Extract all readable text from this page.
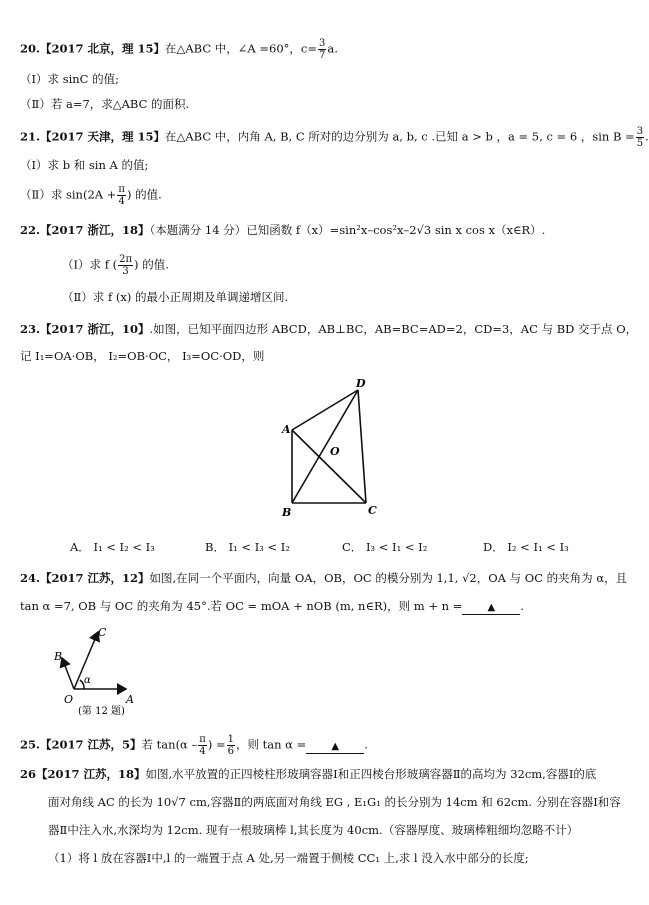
20.【2017 北京，理 15】在△ABC 中，∠A =60°，$c= \frac{3}{7} a$.
（Ⅰ）求 sinC 的值;
（Ⅱ）若 a=7，求△ABC 的面积.
21.【2017 天津，理 15】在△ABC 中，内角 A, B, C 所对的边分别为 a, b, c .已知 a > b ，a = 5, c = 6 ，$\sin B = \frac{3}{5}$ .
（Ⅰ）求 b 和 sin A 的值;
（Ⅱ）求 $\sin(2A + \frac{\pi}{4}$ ) 的值.
22.【2017 浙江，18】（本题满分 14 分）已知函数 f（x）=sin²x–cos²x–2√3 sin x cos x（x∈R）.
（Ⅰ）求 f ( $\frac{2\pi}{3}$ ) 的值.
（Ⅱ）求 f (x) 的最小正周期及单调递增区间.
23.【2017 浙江，10】.如图，已知平面四边形 ABCD，AB⊥BC，AB=BC=AD=2，CD=3，AC 与 BD 交于点 O，
记 I₁=OA·OB， I₂=OB·OC， I₃=OC·OD，则
A
B	C
D
O
A． I₁ < I₂ < I₃	B． I₁ < I₃ < I₂	C． I₃ < I₁ < I₂	D． I₂ < I₁ < I₃
24.【2017 江苏，12】如图,在同一个平面内，向量 OA，OB，OC 的模分别为 1,1, √2，OA 与 OC 的夹角为 α，且
tan α =7, OB 与 OC 的夹角为 45°.若 OC = mOA + nOB (m, n∈R)，则 m + n =	▲ .
A
B
C
O
α
(第 12 题)
25.【2017 江苏，5】若 $\tan(\alpha - \frac{\pi}{4}$ ) = $\frac{1}{6}$ ，则 tan α =	▲ .
26【2017 江苏，18】如图,水平放置的正四棱柱形玻璃容器Ⅰ和正四棱台形玻璃容器Ⅱ的高均为 32cm,容器Ⅰ的底
面对角线 AC 的长为 10√7 cm,容器Ⅱ的两底面对角线 EG , E₁G₁ 的长分别为 14cm 和 62cm. 分别在容器Ⅰ和容
器Ⅱ中注入水,水深均为 12cm. 现有一根玻璃棒 l,其长度为 40cm.（容器厚度、玻璃棒粗细均忽略不计）
（1）将 l 放在容器Ⅰ中,l 的一端置于点 A 处,另一端置于侧棱 CC₁ 上,求 l 没入水中部分的长度;
